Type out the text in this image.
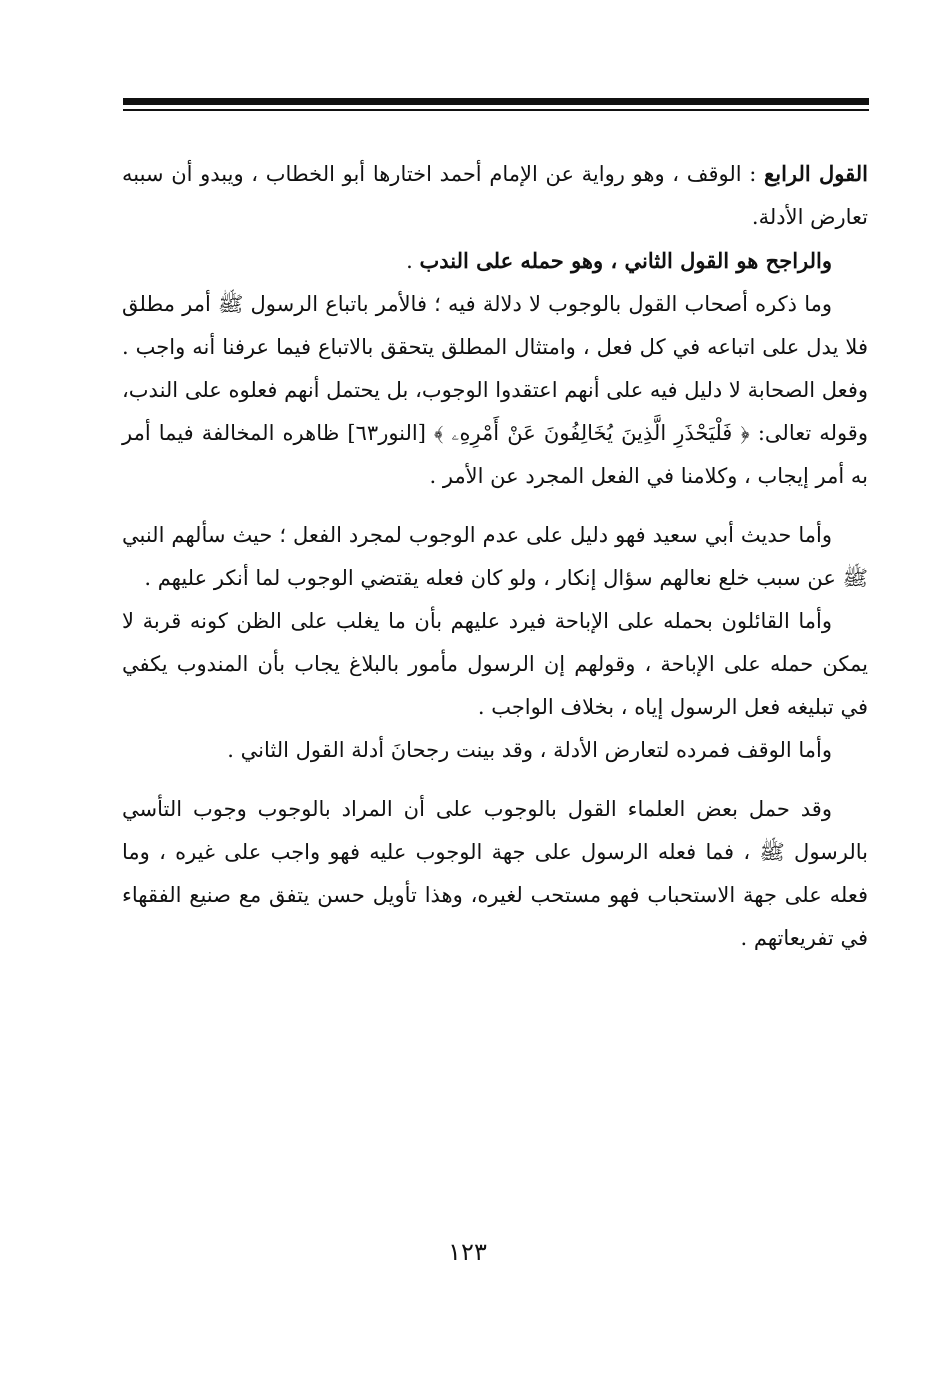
القول الرابع : الوقف ، وهو رواية عن الإمام أحمد اختارها أبو الخطاب ، ويبدو أن سببه تعارض الأدلة.

والراجح هو القول الثاني ، وهو حمله على الندب .

وما ذكره أصحاب القول بالوجوب لا دلالة فيه ؛ فالأمر باتباع الرسول ﷺ أمر مطلق فلا يدل على اتباعه في كل فعل ، وامتثال المطلق يتحقق بالاتباع فيما عرفنا أنه واجب . وفعل الصحابة لا دليل فيه على أنهم اعتقدوا الوجوب، بل يحتمل أنهم فعلوه على الندب، وقوله تعالى: ﴿ فَلْيَحْذَرِ الَّذِينَ يُخَالِفُونَ عَنْ أَمْرِهِۦ ﴾ [النور٦٣] ظاهره المخالفة فيما أمر به أمر إيجاب ، وكلامنا في الفعل المجرد عن الأمر .

وأما حديث أبي سعيد فهو دليل على عدم الوجوب لمجرد الفعل ؛ حيث سألهم النبي ﷺ عن سبب خلع نعالهم سؤال إنكار ، ولو كان فعله يقتضي الوجوب لما أنكر عليهم .

وأما القائلون بحمله على الإباحة فيرد عليهم بأن ما يغلب على الظن كونه قربة لا يمكن حمله على الإباحة ، وقولهم إن الرسول مأمور بالبلاغ يجاب بأن المندوب يكفي في تبليغه فعل الرسول إياه ، بخلاف الواجب .

وأما الوقف فمرده لتعارض الأدلة ، وقد بينت رجحانَ أدلة القول الثاني .

وقد حمل بعض العلماء القول بالوجوب على أن المراد بالوجوب وجوب التأسي بالرسول ﷺ ، فما فعله الرسول على جهة الوجوب عليه فهو واجب على غيره ، وما فعله على جهة الاستحباب فهو مستحب لغيره، وهذا تأويل حسن يتفق مع صنيع الفقهاء في تفريعاتهم .

١٢٣
